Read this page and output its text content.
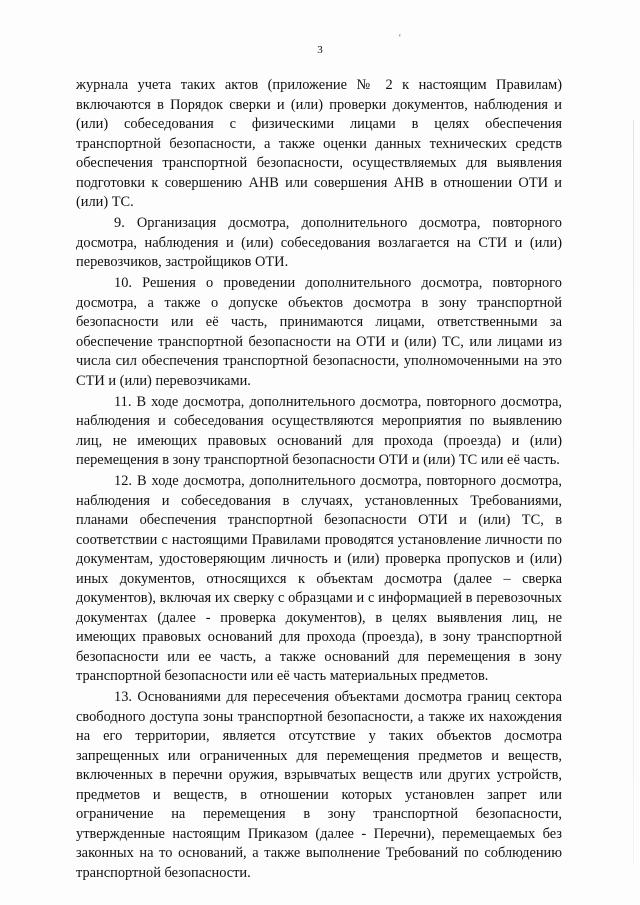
3
‘

журнала учета таких актов (приложение № 2 к настоящим Правилам) включаются в Порядок сверки и (или) проверки документов, наблюдения и (или) собеседования с физическими лицами в целях обеспечения транспортной безопасности, а также оценки данных технических средств обеспечения транспортной безопасности, осуществляемых для выявления подготовки к совершению АНВ или совершения АНВ в отношении ОТИ и (или) ТС.

9. Организация досмотра, дополнительного досмотра, повторного досмотра, наблюдения и (или) собеседования возлагается на СТИ и (или) перевозчиков, застройщиков ОТИ.

10. Решения о проведении дополнительного досмотра, повторного досмотра, а также о допуске объектов досмотра в зону транспортной безопасности или её часть, принимаются лицами, ответственными за обеспечение транспортной безопасности на ОТИ и (или) ТС, или лицами из числа сил обеспечения транспортной безопасности, уполномоченными на это СТИ и (или) перевозчиками.

11. В ходе досмотра, дополнительного досмотра, повторного досмотра, наблюдения и собеседования осуществляются мероприятия по выявлению лиц, не имеющих правовых оснований для прохода (проезда) и (или) перемещения в зону транспортной безопасности ОТИ и (или) ТС или её часть.

12. В ходе досмотра, дополнительного досмотра, повторного досмотра, наблюдения и собеседования в случаях, установленных Требованиями, планами обеспечения транспортной безопасности ОТИ и (или) ТС, в соответствии с настоящими Правилами проводятся установление личности по документам, удостоверяющим личность и (или) проверка пропусков и (или) иных документов, относящихся к объектам досмотра (далее – сверка документов), включая их сверку с образцами и с информацией в перевозочных документах (далее - проверка документов), в целях выявления лиц, не имеющих правовых оснований для прохода (проезда), в зону транспортной безопасности или ее часть, а также оснований для перемещения в зону транспортной безопасности или её часть материальных предметов.

13. Основаниями для пересечения объектами досмотра границ сектора свободного доступа зоны транспортной безопасности, а также их нахождения на его территории, является отсутствие у таких объектов досмотра запрещенных или ограниченных для перемещения предметов и веществ, включенных в перечни оружия, взрывчатых веществ или других устройств, предметов и веществ, в отношении которых установлен запрет или ограничение на перемещения в зону транспортной безопасности, утвержденные настоящим Приказом (далее - Перечни), перемещаемых без законных на то оснований, а также выполнение Требований по соблюдению транспортной безопасности.
